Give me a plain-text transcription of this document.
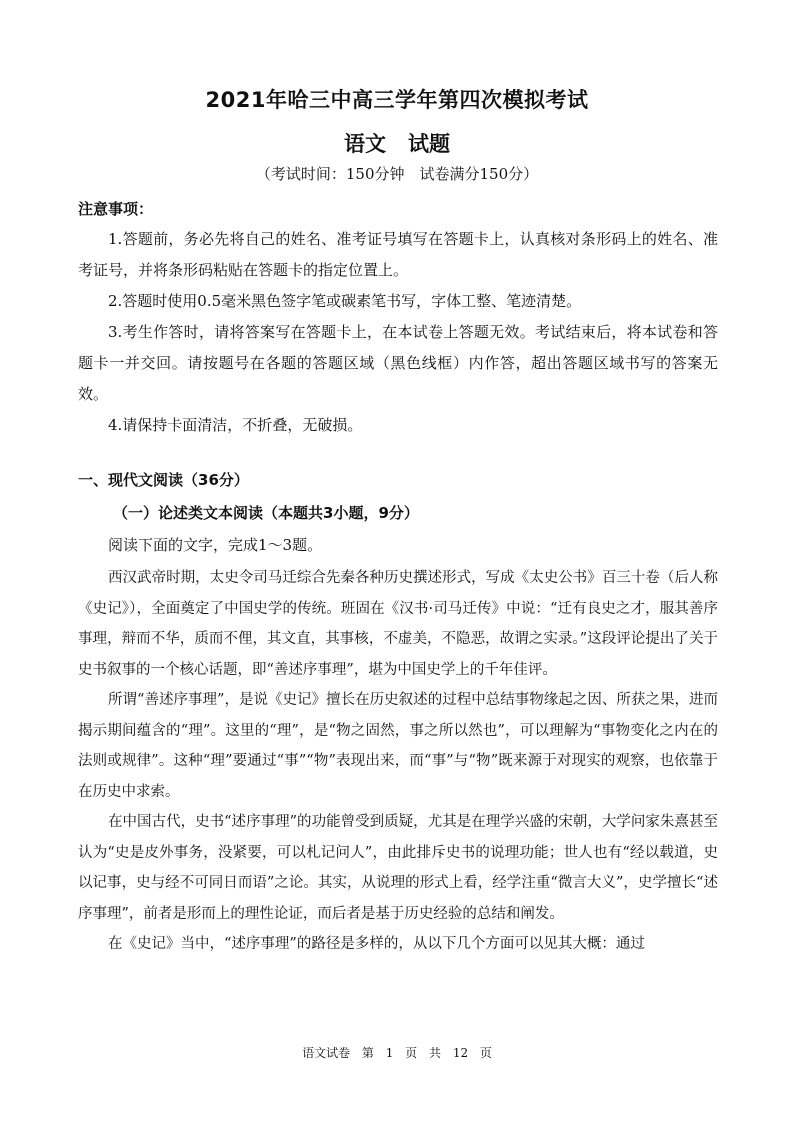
2021年哈三中高三学年第四次模拟考试
语文 试题
（考试时间：150分钟　试卷满分150分）
注意事项：

1.答题前，务必先将自己的姓名、准考证号填写在答题卡上，认真核对条形码上的姓名、准考证号，并将条形码粘贴在答题卡的指定位置上。

2.答题时使用0.5毫米黑色签字笔或碳素笔书写，字体工整、笔迹清楚。

3.考生作答时，请将答案写在答题卡上，在本试卷上答题无效。考试结束后，将本试卷和答题卡一并交回。请按题号在各题的答题区域（黑色线框）内作答，超出答题区域书写的答案无效。

4.请保持卡面清洁，不折叠，无破损。

一、现代文阅读（36分）
（一）论述类文本阅读（本题共3小题，9分）

阅读下面的文字，完成1～3题。

西汉武帝时期，太史令司马迁综合先秦各种历史撰述形式，写成《太史公书》百三十卷（后人称《史记》），全面奠定了中国史学的传统。班固在《汉书·司马迁传》中说：“迁有良史之才，服其善序事理，辩而不华，质而不俚，其文直，其事核，不虚美，不隐恶，故谓之实录。”这段评论提出了关于史书叙事的一个核心话题，即“善述序事理”，堪为中国史学上的千年佳评。

所谓“善述序事理”，是说《史记》擅长在历史叙述的过程中总结事物缘起之因、所获之果，进而揭示期间蕴含的“理”。这里的“理”，是“物之固然，事之所以然也”，可以理解为“事物变化之内在的法则或规律”。这种“理”要通过“事”“物”表现出来，而“事”与“物”既来源于对现实的观察，也依靠于在历史中求索。

在中国古代，史书“述序事理”的功能曾受到质疑，尤其是在理学兴盛的宋朝，大学问家朱熹甚至认为“史是皮外事务，没紧要，可以札记问人”，由此排斥史书的说理功能；世人也有“经以载道，史以记事，史与经不可同日而语”之论。其实，从说理的形式上看，经学注重“微言大义”，史学擅长“述序事理”，前者是形而上的理性论证，而后者是基于历史经验的总结和阐发。

在《史记》当中，“述序事理”的路径是多样的，从以下几个方面可以见其大概：通过

语文试卷 第 1 页 共 12 页
